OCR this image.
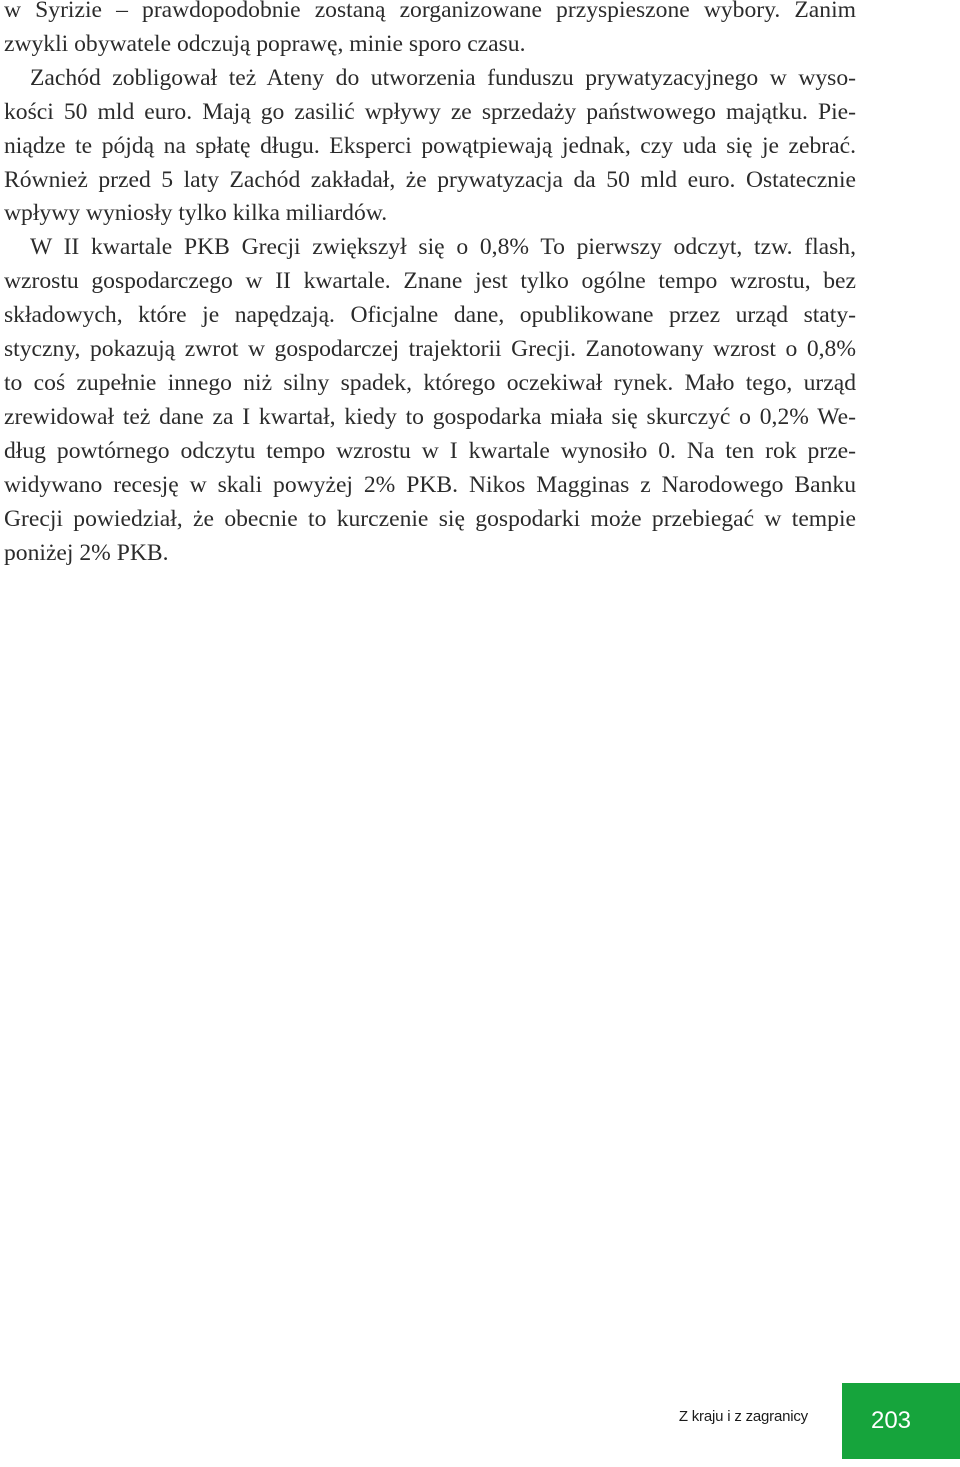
w Syrizie – prawdopodobnie zostaną zorganizowane przyspieszone wybory. Zanim
zwykli obywatele odczują poprawę, minie sporo czasu.
Zachód zobligował też Ateny do utworzenia funduszu prywatyzacyjnego w wyso-
kości 50 mld euro. Mają go zasilić wpływy ze sprzedaży państwowego majątku. Pie-
niądze te pójdą na spłatę długu. Eksperci powątpiewają jednak, czy uda się je zebrać.
Również przed 5 laty Zachód zakładał, że prywatyzacja da 50 mld euro. Ostatecznie
wpływy wyniosły tylko kilka miliardów.
W II kwartale PKB Grecji zwiększył się o 0,8% To pierwszy odczyt, tzw. flash,
wzrostu gospodarczego w II kwartale. Znane jest tylko ogólne tempo wzrostu, bez
składowych, które je napędzają. Oficjalne dane, opublikowane przez urząd staty-
styczny, pokazują zwrot w gospodarczej trajektorii Grecji. Zanotowany wzrost o 0,8%
to coś zupełnie innego niż silny spadek, którego oczekiwał rynek. Mało tego, urząd
zrewidował też dane za I kwartał, kiedy to gospodarka miała się skurczyć o 0,2% We-
dług powtórnego odczytu tempo wzrostu w I kwartale wynosiło 0. Na ten rok prze-
widywano recesję w skali powyżej 2% PKB. Nikos Magginas z Narodowego Banku
Grecji powiedział, że obecnie to kurczenie się gospodarki może przebiegać w tempie
poniżej 2% PKB.
Z kraju i z zagranicy	203
